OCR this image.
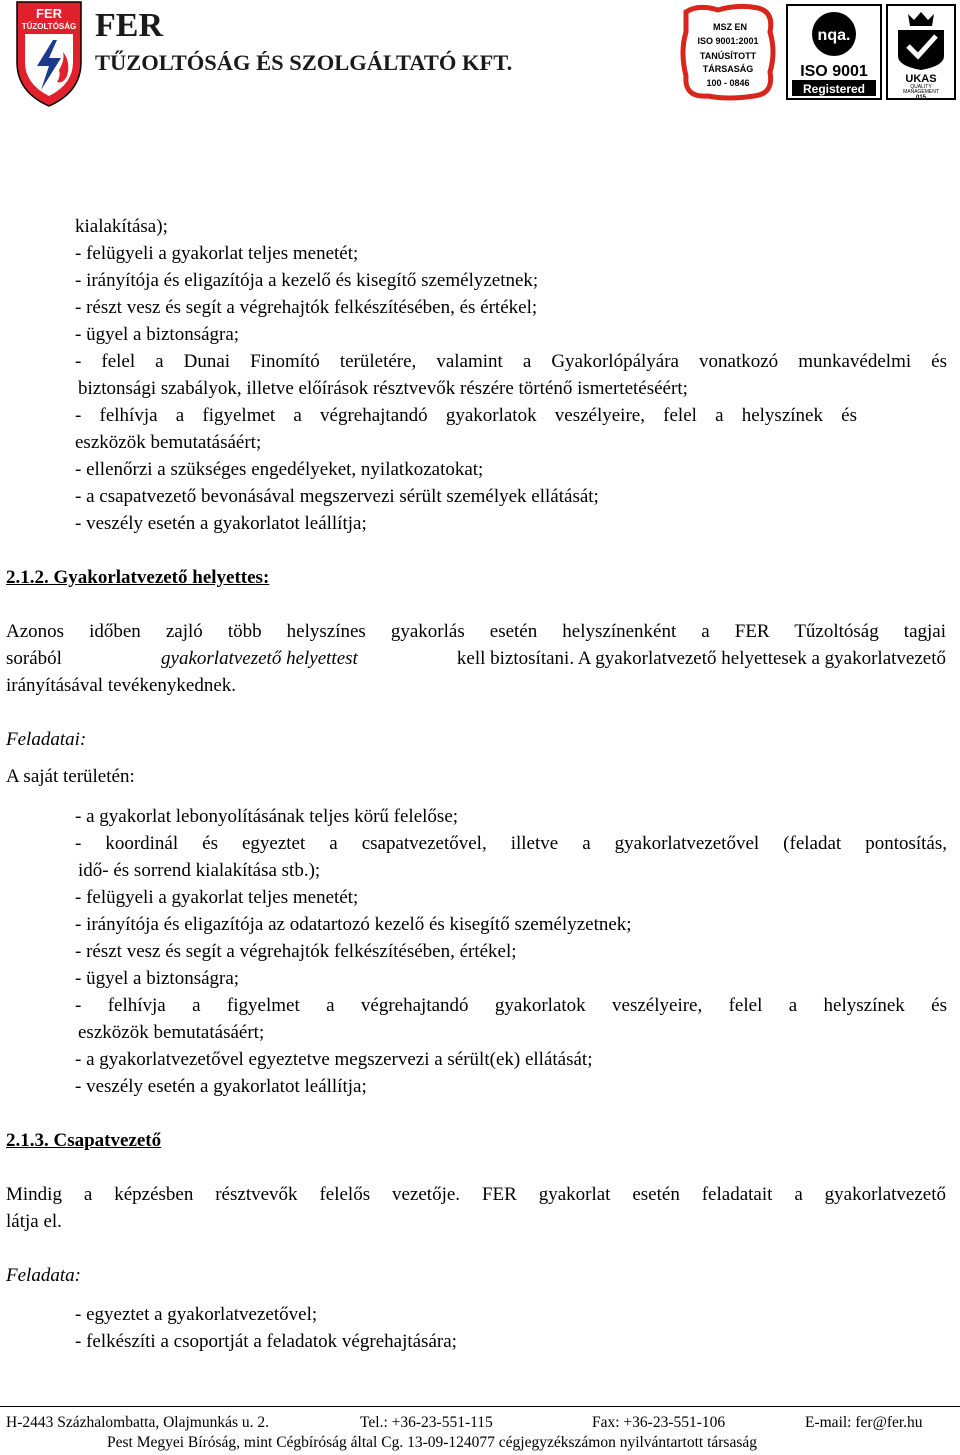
FER
TŰZOLTÓSÁG FER
TŰZOLTÓSÁG ÉS SZOLGÁLTATÓ KFT.
MSZ EN
ISO 9001:2001
TANÚSÍTOTT
TÁRSASÁG
100 - 0846
nqa.
ISO 9001
Registered
UKAS
QUALITY
MANAGEMENT
015
kialakítása);
- felügyeli a gyakorlat teljes menetét;
- irányítója és eligazítója a kezelő és kisegítő személyzetnek;
- részt vesz és segít a végrehajtók felkészítésében, és értékel;
- ügyel a biztonságra;
- felel a Dunai Finomító területére, valamint a Gyakorlópályára vonatkozó munkavédelmi és
biztonsági szabályok, illetve előírások résztvevők részére történő ismertetéséért;
- felhívja a figyelmet a végrehajtandó gyakorlatok veszélyeire, felel a helyszínek és
eszközök bemutatásáért;
- ellenőrzi a szükséges engedélyeket, nyilatkozatokat;
- a csapatvezető bevonásával megszervezi sérült személyek ellátását;
- veszély esetén a gyakorlatot leállítja;
2.1.2. Gyakorlatvezető helyettes:
Azonos időben zajló több helyszínes gyakorlás esetén helyszínenként a FER Tűzoltóság tagjai
sorából	gyakorlatvezető helyettest	kell biztosítani. A gyakorlatvezető helyettesek a gyakorlatvezető
irányításával tevékenykednek.
Feladatai:
A saját területén:
- a gyakorlat lebonyolításának teljes körű felelőse;
- koordinál és egyeztet a csapatvezetővel, illetve a gyakorlatvezetővel (feladat pontosítás,
idő- és sorrend kialakítása stb.);
- felügyeli a gyakorlat teljes menetét;
- irányítója és eligazítója az odatartozó kezelő és kisegítő személyzetnek;
- részt vesz és segít a végrehajtók felkészítésében, értékel;
- ügyel a biztonságra;
- felhívja a figyelmet a végrehajtandó gyakorlatok veszélyeire, felel a helyszínek és
eszközök bemutatásáért;
- a gyakorlatvezetővel egyeztetve megszervezi a sérült(ek) ellátását;
- veszély esetén a gyakorlatot leállítja;
2.1.3. Csapatvezető
Mindig a képzésben résztvevők felelős vezetője. FER gyakorlat esetén feladatait a gyakorlatvezető
látja el.
Feladata:
- egyeztet a gyakorlatvezetővel;
- felkészíti a csoportját a feladatok végrehajtására;
H-2443 Százhalombatta, Olajmunkás u. 2.	Tel.: +36-23-551-115	Fax: +36-23-551-106	E-mail: fer@fer.hu
Pest Megyei Bíróság, mint Cégbíróság által Cg. 13-09-124077 cégjegyzékszámon nyilvántartott társaság
